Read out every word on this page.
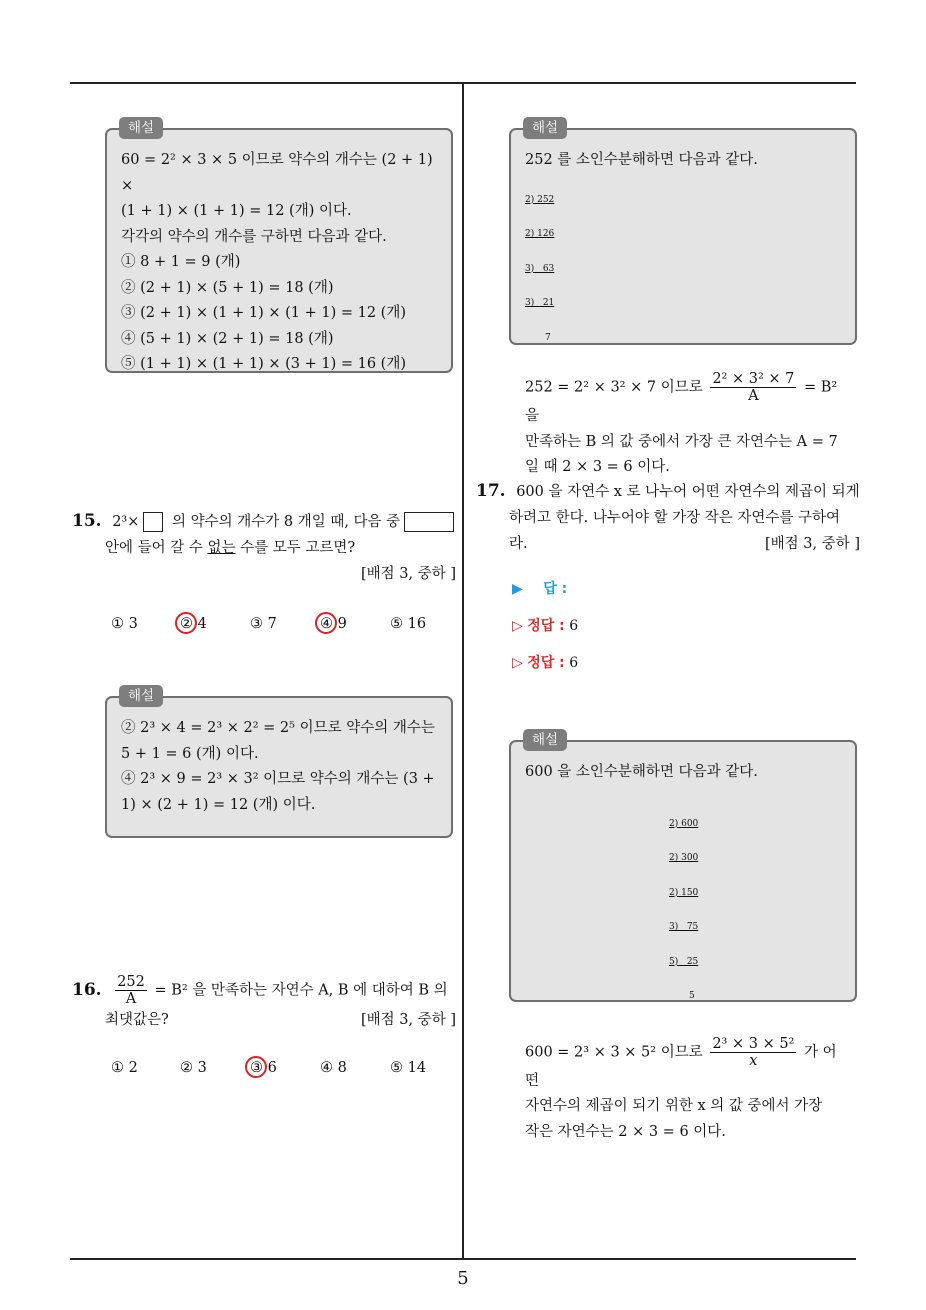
해설
60 = 2² × 3 × 5 이므로 약수의 개수는 (2 + 1) ×
(1 + 1) × (1 + 1) = 12 (개) 이다.
각각의 약수의 개수를 구하면 다음과 같다.
① 8 + 1 = 9 (개)
② (2 + 1) × (5 + 1) = 18 (개)
③ (2 + 1) × (1 + 1) × (1 + 1) = 12 (개)
④ (5 + 1) × (2 + 1) = 18 (개)
⑤ (1 + 1) × (1 + 1) × (3 + 1) = 16 (개)
15. 2³× 의 약수의 개수가 8 개일 때, 다음 중
안에 들어 갈 수 없는 수를 모두 고르면?
[배점 3, 중하 ]
① 3	② 4	③ 7	④ 9	⑤ 16
해설
② 2³ × 4 = 2³ × 2² = 2⁵ 이므로 약수의 개수는
5 + 1 = 6 (개) 이다.
④ 2³ × 9 = 2³ × 3² 이므로 약수의 개수는 (3 +
1) × (2 + 1) = 12 (개) 이다.
16. $\frac{252}{A} = B^2$ 을 만족하는 자연수 A, B 에 대하여 B 의
최댓값은?	[배점 3, 중하 ]
① 2	② 3	③ 6	④ 8	⑤ 14
해설
252 를 소인수분해하면 다음과 같다.

2) 252

2) 126

3)   63

3)   21

7

252 = 2² × 3² × 7 이므로 $\frac{\text{2² × 3² × 7}}{A} = B^2$ 을
만족하는 B 의 값 중에서 가장 큰 자연수는 A = 7
일 때 2 × 3 = 6 이다.
17. 600 을 자연수 x 로 나누어 어떤 자연수의 제곱이 되게
하려고 한다. 나누어야 할 가장 작은 자연수를 구하여
라.	[배점 3, 중하 ]
▶ 답 :
▷ 정답 : 6
▷ 정답 : 6
해설
600 을 소인수분해하면 다음과 같다.

2) 600

2) 300

2) 150

3)   75

5)   25

5

600 = 2³ × 3 × 5² 이므로 $\frac{\text{2³ × 3 × 5²}}{x}$ 가 어떤
자연수의 제곱이 되기 위한 x 의 값 중에서 가장
작은 자연수는 2 × 3 = 6 이다.
5
